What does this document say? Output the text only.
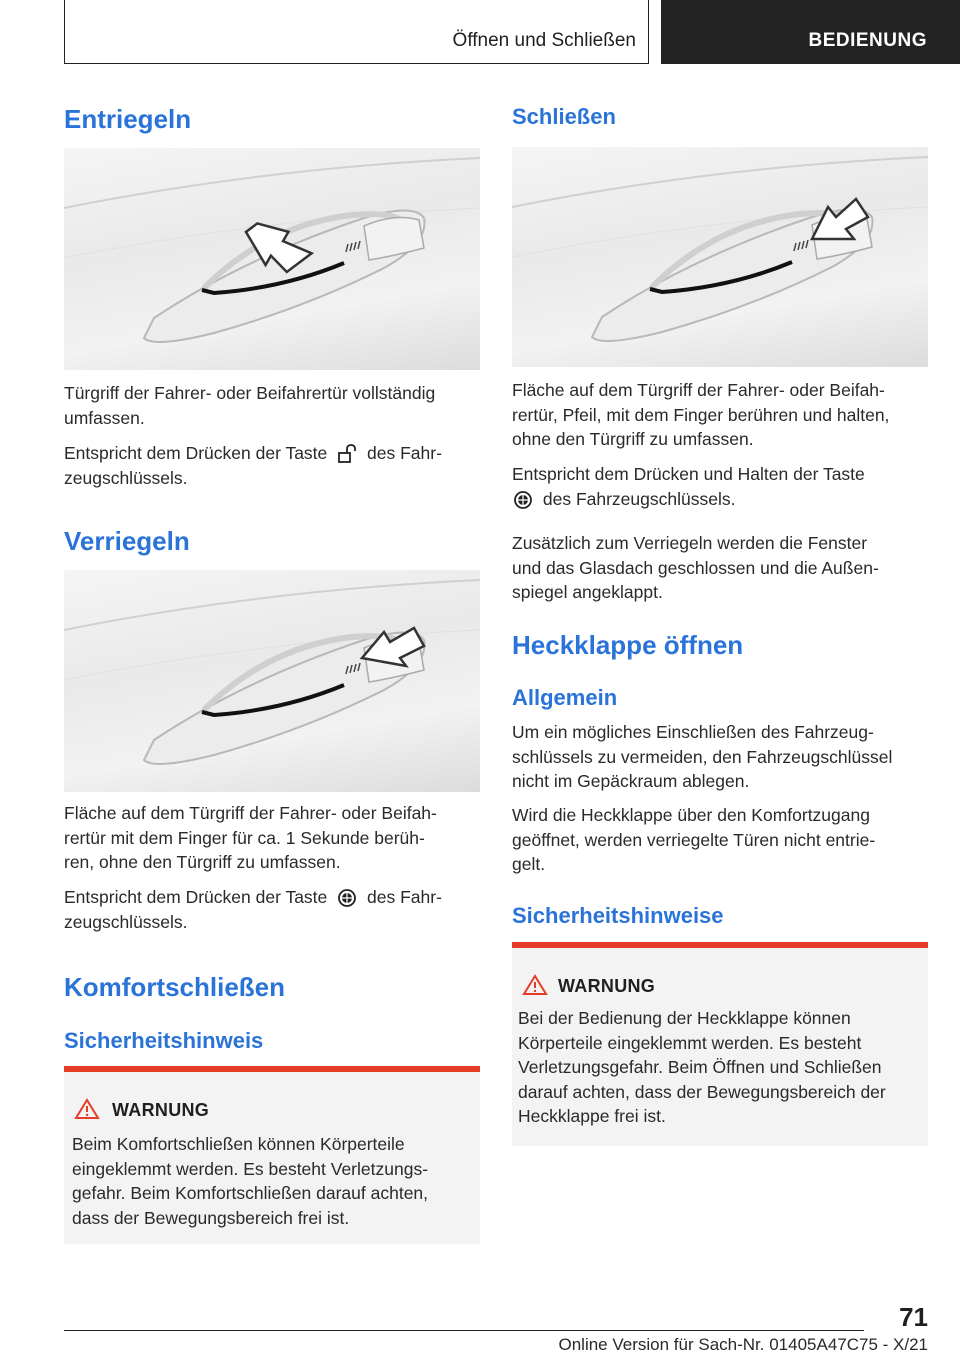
Öffnen und Schließen	BEDIENUNG
Entriegeln
Türgriff der Fahrer- oder Beifahrertür vollständig
umfassen.
Entspricht dem Drücken der Taste des Fahr-
zeugschlüssels.
Verriegeln
Fläche auf dem Türgriff der Fahrer- oder Beifah-
rertür mit dem Finger für ca. 1 Sekunde berüh-
ren, ohne den Türgriff zu umfassen.
Entspricht dem Drücken der Taste des Fahr-
zeugschlüssels.
Komfortschließen
Sicherheitshinweis
WARNUNG
Beim Komfortschließen können Körperteile
eingeklemmt werden. Es besteht Verletzungs-
gefahr. Beim Komfortschließen darauf achten,
dass der Bewegungsbereich frei ist.
Schließen
Fläche auf dem Türgriff der Fahrer- oder Beifah-
rertür, Pfeil, mit dem Finger berühren und halten,
ohne den Türgriff zu umfassen.
Entspricht dem Drücken und Halten der Taste
des Fahrzeugschlüssels.
Zusätzlich zum Verriegeln werden die Fenster
und das Glasdach geschlossen und die Außen-
spiegel angeklappt.
Heckklappe öffnen
Allgemein
Um ein mögliches Einschließen des Fahrzeug-
schlüssels zu vermeiden, den Fahrzeugschlüssel
nicht im Gepäckraum ablegen.
Wird die Heckklappe über den Komfortzugang
geöffnet, werden verriegelte Türen nicht entrie-
gelt.
Sicherheitshinweise
WARNUNG
Bei der Bedienung der Heckklappe können
Körperteile eingeklemmt werden. Es besteht
Verletzungsgefahr. Beim Öffnen und Schließen
darauf achten, dass der Bewegungsbereich der
Heckklappe frei ist.
71
Online Version für Sach-Nr. 01405A47C75 - X/21
